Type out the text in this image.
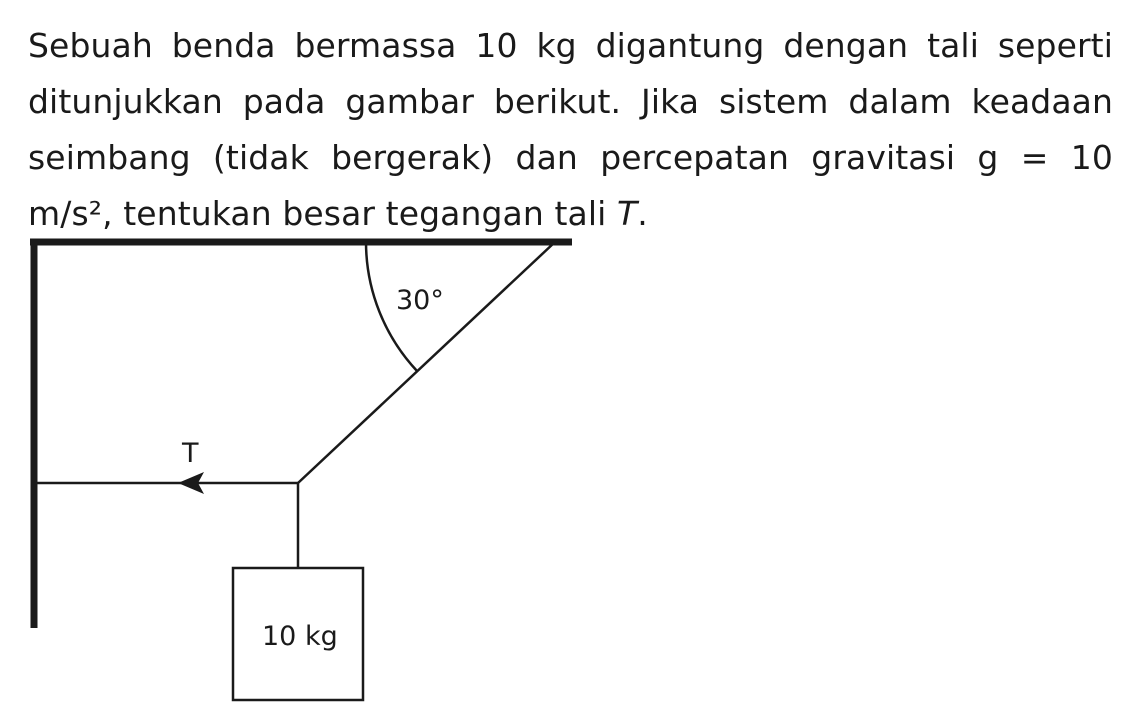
Sebuah benda bermassa 10 kg digantung dengan tali seperti ditunjukkan pada gambar berikut. Jika sistem dalam keadaan seimbang (tidak bergerak) dan percepatan gravitasi g = 10 m/s², tentukan besar tegangan tali T.
30°
T
10 kg
